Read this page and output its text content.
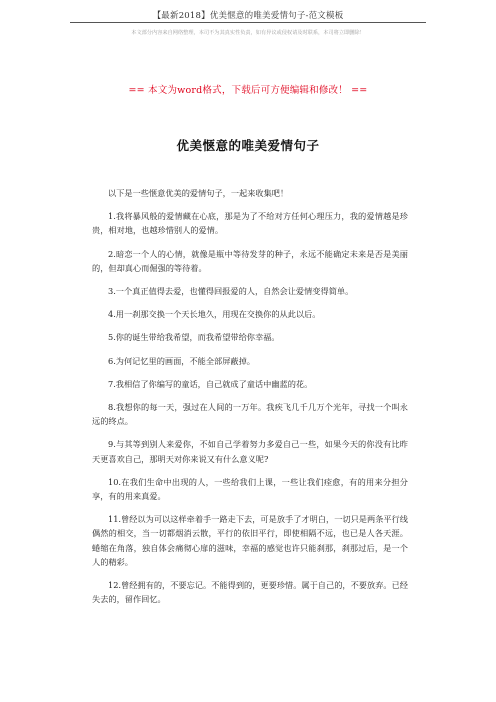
【最新2018】优美惬意的唯美爱情句子-范文模板
本文部分内容来自网络整理，本司不为其真实性负责，如有异议或侵权请及时联系，本司将立即删除！
== 本文为word格式，下载后可方便编辑和修改！ ==
优美惬意的唯美爱情句子

以下是一些惬意优美的爱情句子，一起来收集吧！

1.我将暴风般的爱情藏在心底，那是为了不给对方任何心理压力，我的爱情越是珍贵，相对地，也越珍惜别人的爱情。

2.暗恋一个人的心情，就像是瓶中等待发芽的种子，永远不能确定未来是否是美丽的，但却真心而倔强的等待着。

3.一个真正值得去爱，也懂得回报爱的人，自然会让爱情变得简单。

4.用一刹那交换一个天长地久，用现在交换你的从此以后。

5.你的诞生带给我希望，而我希望带给你幸福。

6.为何记忆里的画面，不能全部屏蔽掉。

7.我相信了你编写的童话，自己就成了童话中幽蓝的花。

8.我想你的每一天，强过在人间的一万年。我疾飞几千几万个光年，寻找一个叫永远的终点。

9.与其等到别人来爱你，不如自己学着努力多爱自己一些，如果今天的你没有比昨天更喜欢自己，那明天对你来说又有什么意义呢?

10.在我们生命中出现的人，一些给我们上课，一些让我们痊愈，有的用来分担分享，有的用来真爱。

11.曾经以为可以这样牵着手一路走下去，可是放手了才明白，一切只是两条平行线偶然的相交，当一切都烟消云散，平行的依旧平行，即使相隔不远，也已是人各天涯。 蜷缩在角落，独自体会痛彻心扉的滋味，幸福的感觉也许只能刹那，刹那过后，是一个人的精彩。

12.曾经拥有的，不要忘记。不能得到的，更要珍惜。属于自己的，不要放弃。已经失去的，留作回忆。
